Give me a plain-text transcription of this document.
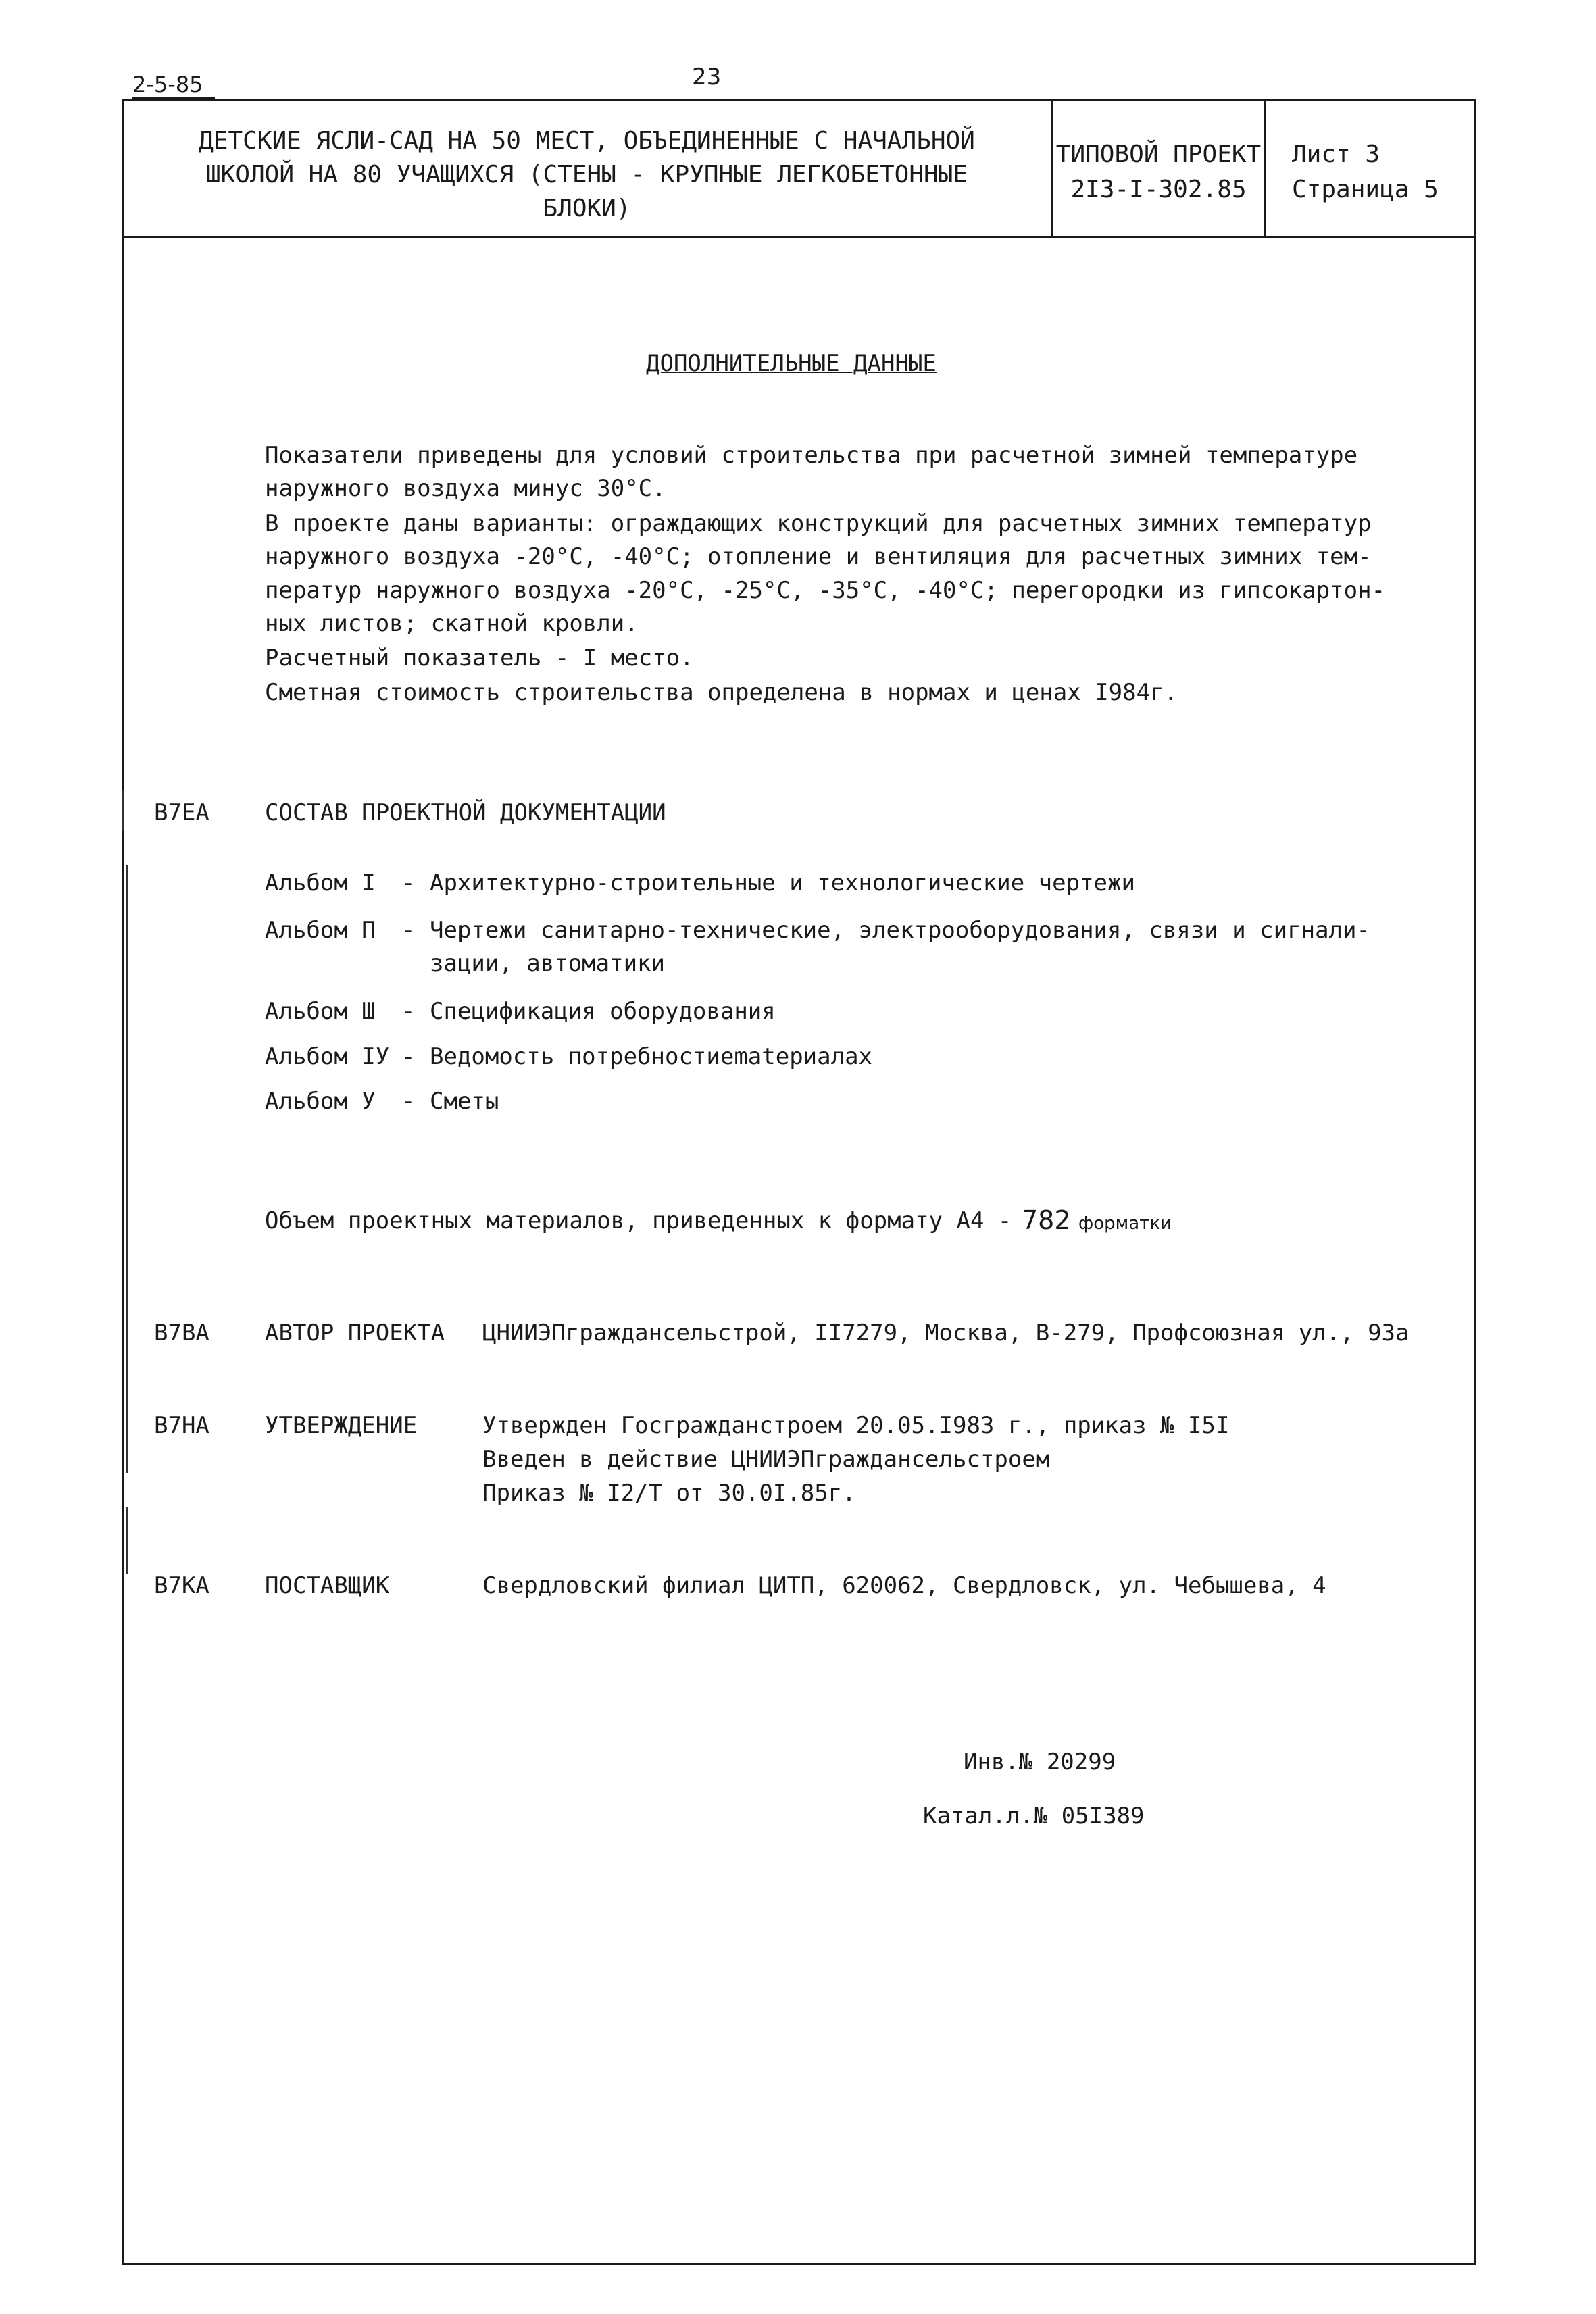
2-5-85	23
ДЕТСКИЕ ЯСЛИ-САД НА 50 МЕСТ, ОБЪЕДИНЕННЫЕ С НАЧАЛЬНОЙ
ШКОЛОЙ НА 80 УЧАЩИХСЯ (СТЕНЫ - КРУПНЫЕ ЛЕГКОБЕТОННЫЕ
БЛОКИ)
ТИПОВОЙ ПРОЕКТ
2I3-I-302.85
Лист 3
Страница 5
ДОПОЛНИТЕЛЬНЫЕ ДАННЫЕ
Показатели приведены для условий строительства при расчетной зимней температуре
наружного воздуха минус 30°C.
В проекте даны варианты: ограждающих конструкций для расчетных зимних температур
наружного воздуха -20°C, -40°C; отопление и вентиляция для расчетных зимних тем-
ператур наружного воздуха -20°C, -25°C, -35°C, -40°C; перегородки из гипсокартон-
ных листов; скатной кровли.
Расчетный показатель - I место.
Сметная стоимость строительства определена в нормах и ценах I984г.
B7EA СОСТАВ ПРОЕКТНОЙ ДОКУМЕНТАЦИИ
Альбом I - Архитектурно-строительные и технологические чертежи
Альбом П - Чертежи санитарно-технические, электрооборудования, связи и сигнали-
зации, автоматики
Альбом Ш - Спецификация оборудования
Альбом IУ - Ведомость потребностиematериалах
Альбом У - Сметы
Объем проектных материалов, приведенных к формату А4 - 782 форматки
B7BA АВТОР ПРОЕКТА ЦНИИЭПграждансельстрой, II7279, Москва, В-279, Профсоюзная ул., 93а
B7HA УТВЕРЖДЕНИЕ	Утвержден Госгражданстроем 20.05.I983 г., приказ № I5I
Введен в действие ЦНИИЭПграждансельстроем
Приказ № I2/Т от 30.0I.85г.
B7KA ПОСТАВЩИК	Свердловский филиал ЦИТП, 620062, Свердловск, ул. Чебышева, 4
Инв.№ 20299
Катал.л.№ 05I389
